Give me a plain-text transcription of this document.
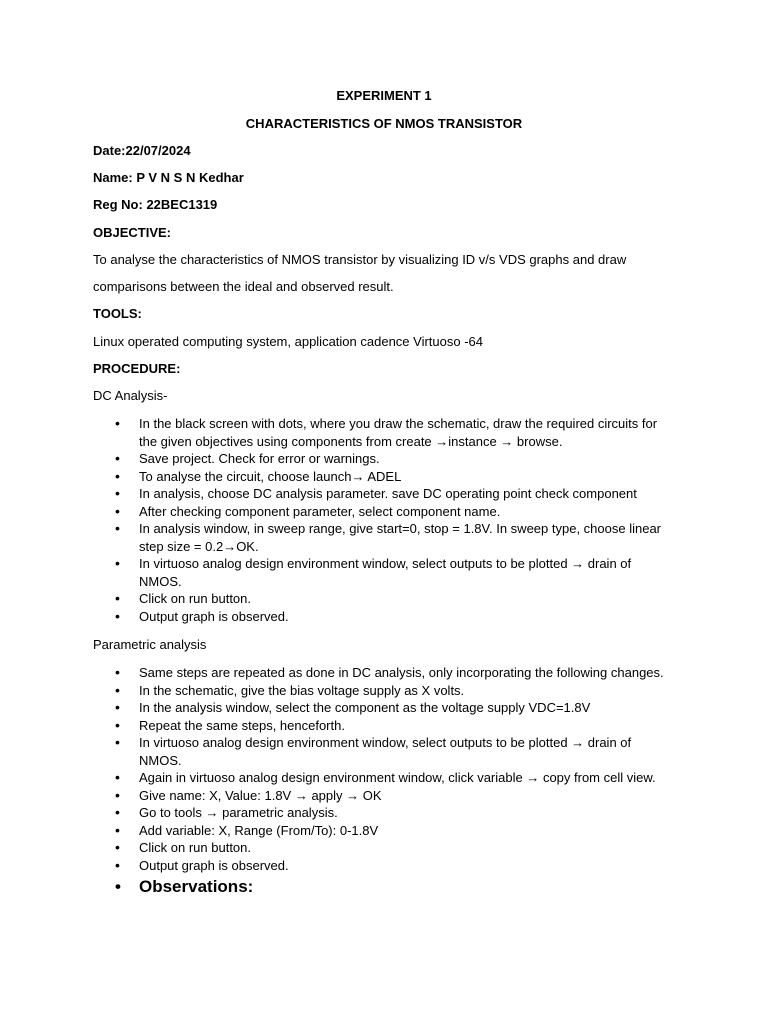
EXPERIMENT 1
CHARACTERISTICS OF NMOS TRANSISTOR
Date:22/07/2024
Name: P V N S N Kedhar
Reg No: 22BEC1319
OBJECTIVE:
To analyse the characteristics of NMOS transistor by visualizing ID v/s VDS graphs and draw
comparisons between the ideal and observed result.
TOOLS:
Linux operated computing system, application cadence Virtuoso -64
PROCEDURE:
DC Analysis-
• In the black screen with dots, where you draw the schematic, draw the required circuits for
the given objectives using components from create →instance → browse.
• Save project. Check for error or warnings.
• To analyse the circuit, choose launch→ ADEL
• In analysis, choose DC analysis parameter. save DC operating point check component
• After checking component parameter, select component name.
• In analysis window, in sweep range, give start=0, stop = 1.8V. In sweep type, choose linear
step size = 0.2→OK.
• In virtuoso analog design environment window, select outputs to be plotted → drain of
NMOS.
• Click on run button.
• Output graph is observed.
Parametric analysis
• Same steps are repeated as done in DC analysis, only incorporating the following changes.
• In the schematic, give the bias voltage supply as X volts.
• In the analysis window, select the component as the voltage supply VDC=1.8V
• Repeat the same steps, henceforth.
• In virtuoso analog design environment window, select outputs to be plotted → drain of
NMOS.
• Again in virtuoso analog design environment window, click variable → copy from cell view.
• Give name: X, Value: 1.8V → apply → OK
• Go to tools → parametric analysis.
• Add variable: X, Range (From/To): 0-1.8V
• Click on run button.
• Output graph is observed.
• Observations:
